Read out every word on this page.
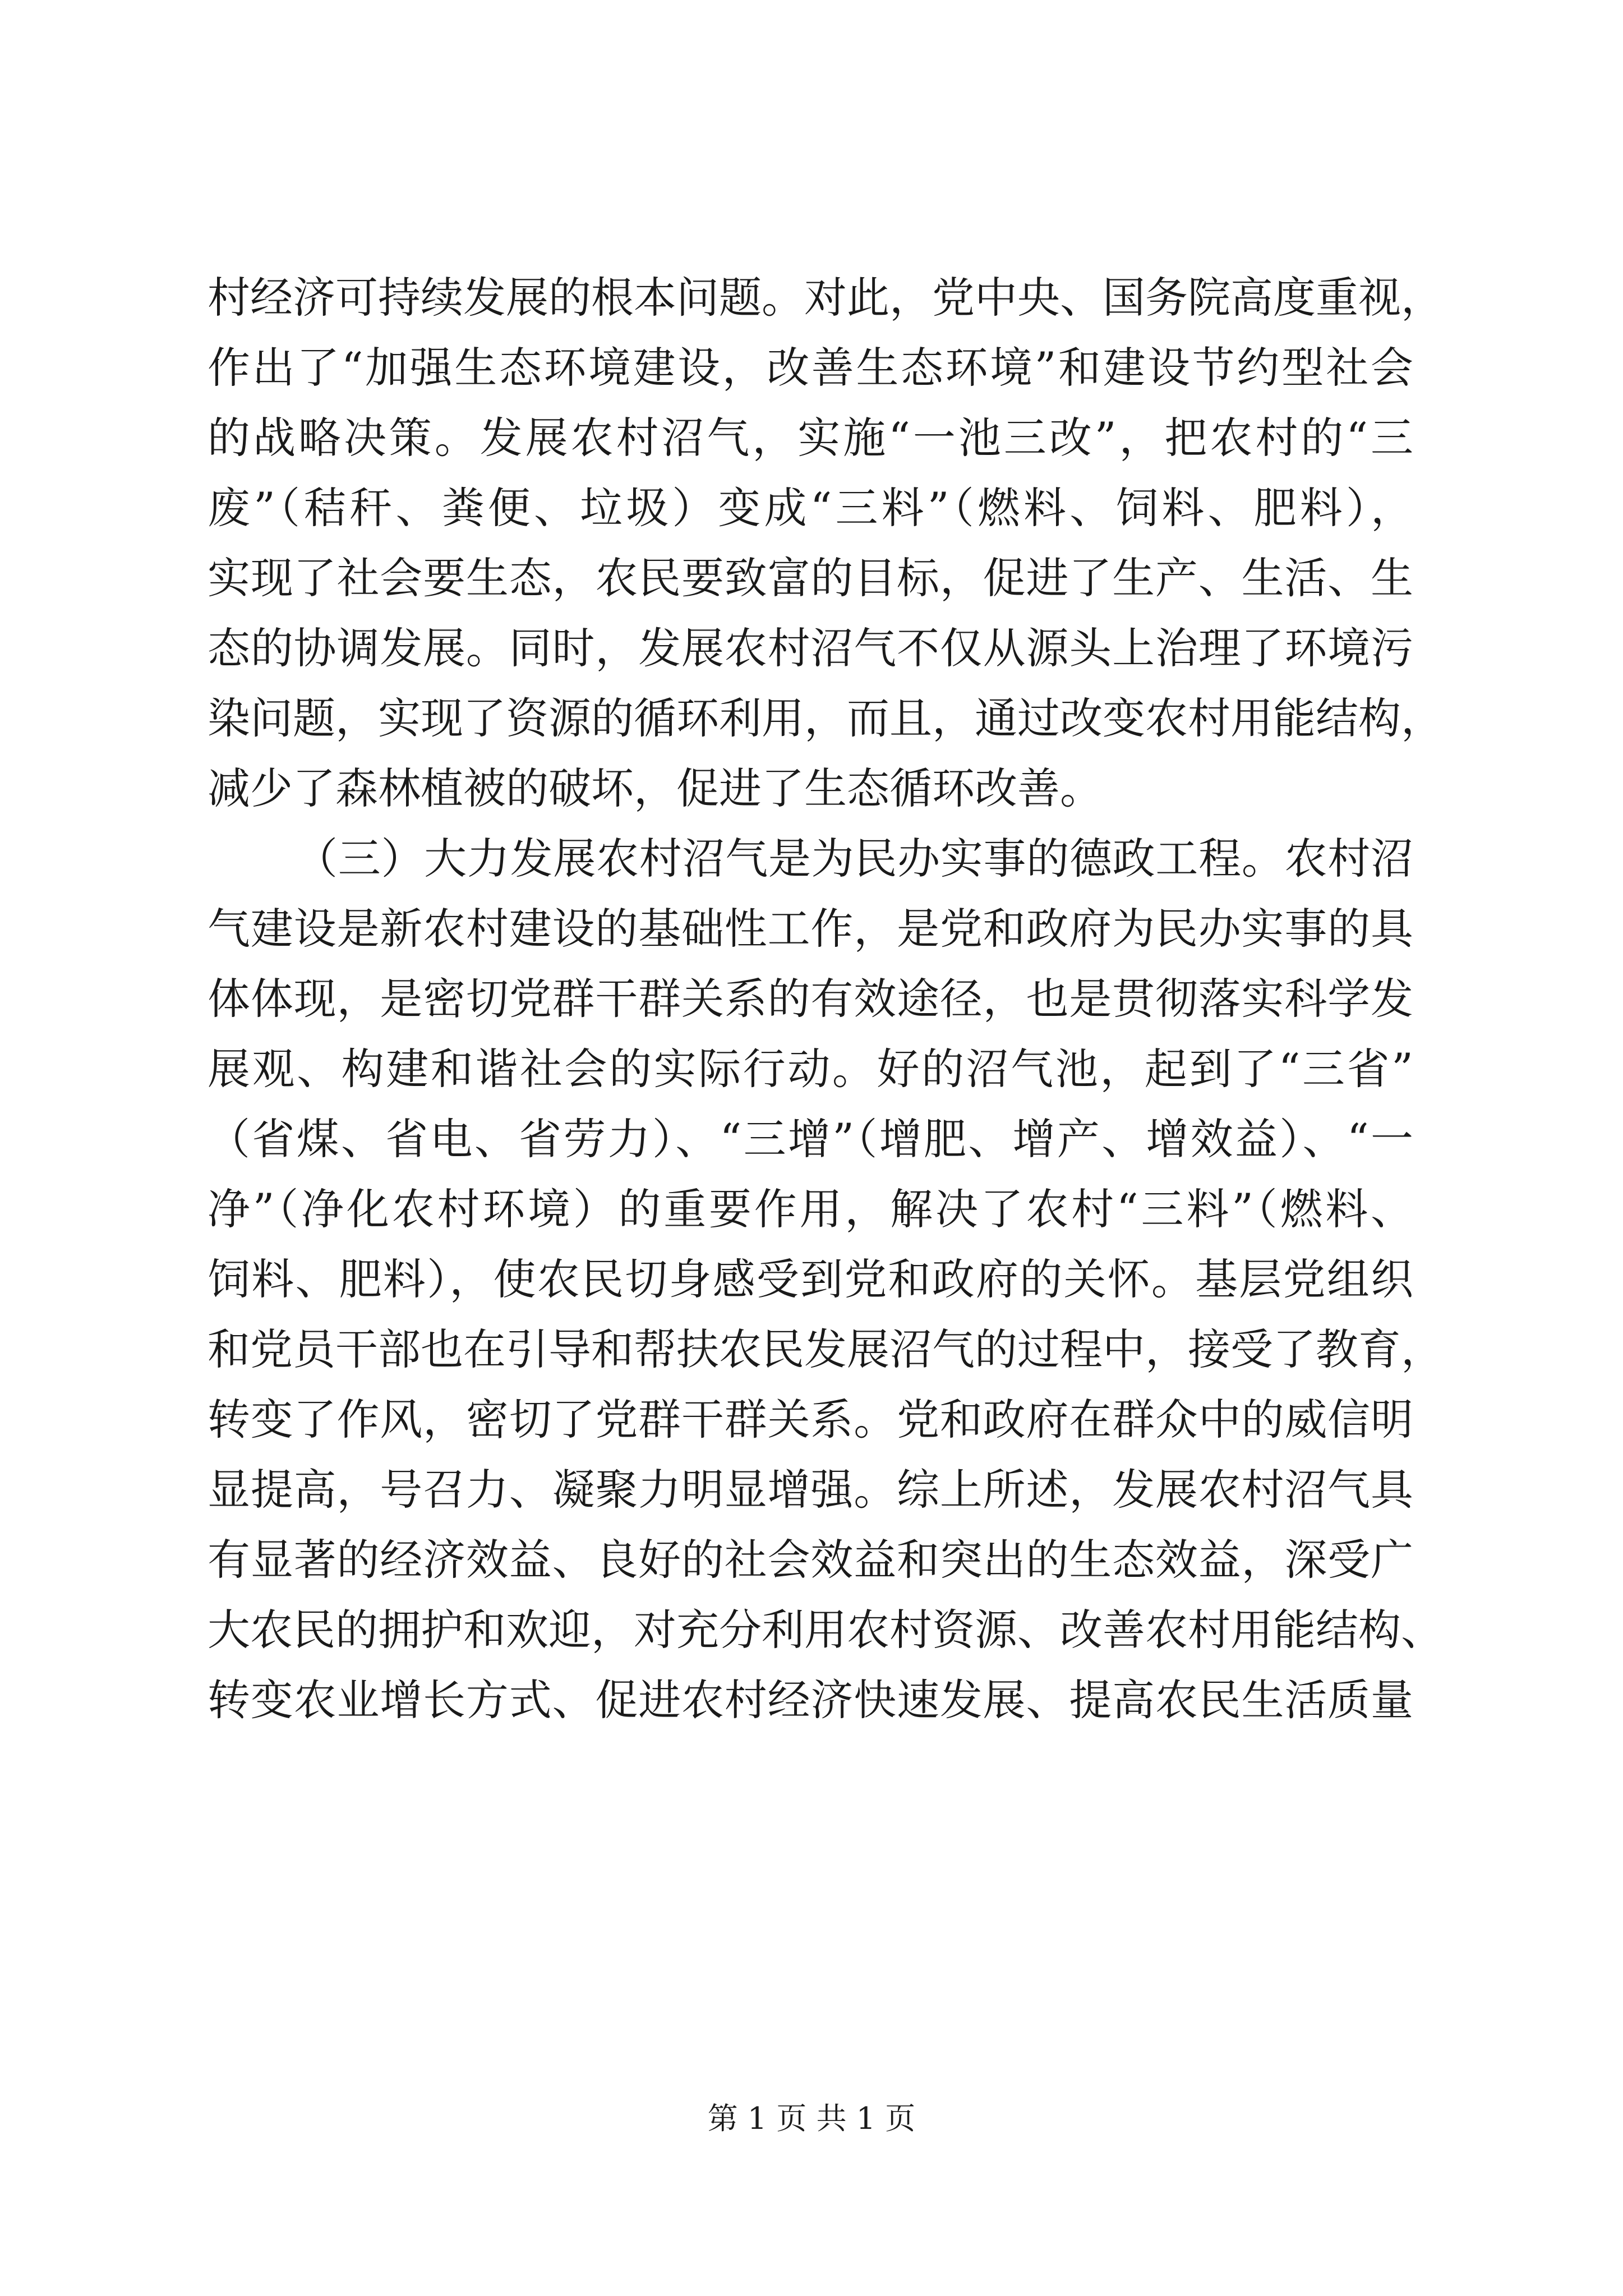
村经济可持续发展的根本问题。对此，党中央、国务院高度重视，
作出了“加强生态环境建设，改善生态环境”和建设节约型社会
的战略决策。发展农村沼气，实施“一池三改”，把农村的“三
废”（秸秆、粪便、垃圾）变成“三料”（燃料、饲料、肥料），
实现了社会要生态，农民要致富的目标，促进了生产、生活、生
态的协调发展。同时，发展农村沼气不仅从源头上治理了环境污
染问题，实现了资源的循环利用，而且，通过改变农村用能结构，
减少了森林植被的破坏，促进了生态循环改善。
（三）大力发展农村沼气是为民办实事的德政工程。农村沼
气建设是新农村建设的基础性工作，是党和政府为民办实事的具
体体现，是密切党群干群关系的有效途径，也是贯彻落实科学发
展观、构建和谐社会的实际行动。好的沼气池，起到了“三省”
（省煤、省电、省劳力）、“三增”（增肥、增产、增效益）、“一
净”（净化农村环境）的重要作用，解决了农村“三料”（燃料、
饲料、肥料），使农民切身感受到党和政府的关怀。基层党组织
和党员干部也在引导和帮扶农民发展沼气的过程中，接受了教育，
转变了作风，密切了党群干群关系。党和政府在群众中的威信明
显提高，号召力、凝聚力明显增强。综上所述，发展农村沼气具
有显著的经济效益、良好的社会效益和突出的生态效益，深受广
大农民的拥护和欢迎，对充分利用农村资源、改善农村用能结构、
转变农业增长方式、促进农村经济快速发展、提高农民生活质量
第 1 页 共 1 页
